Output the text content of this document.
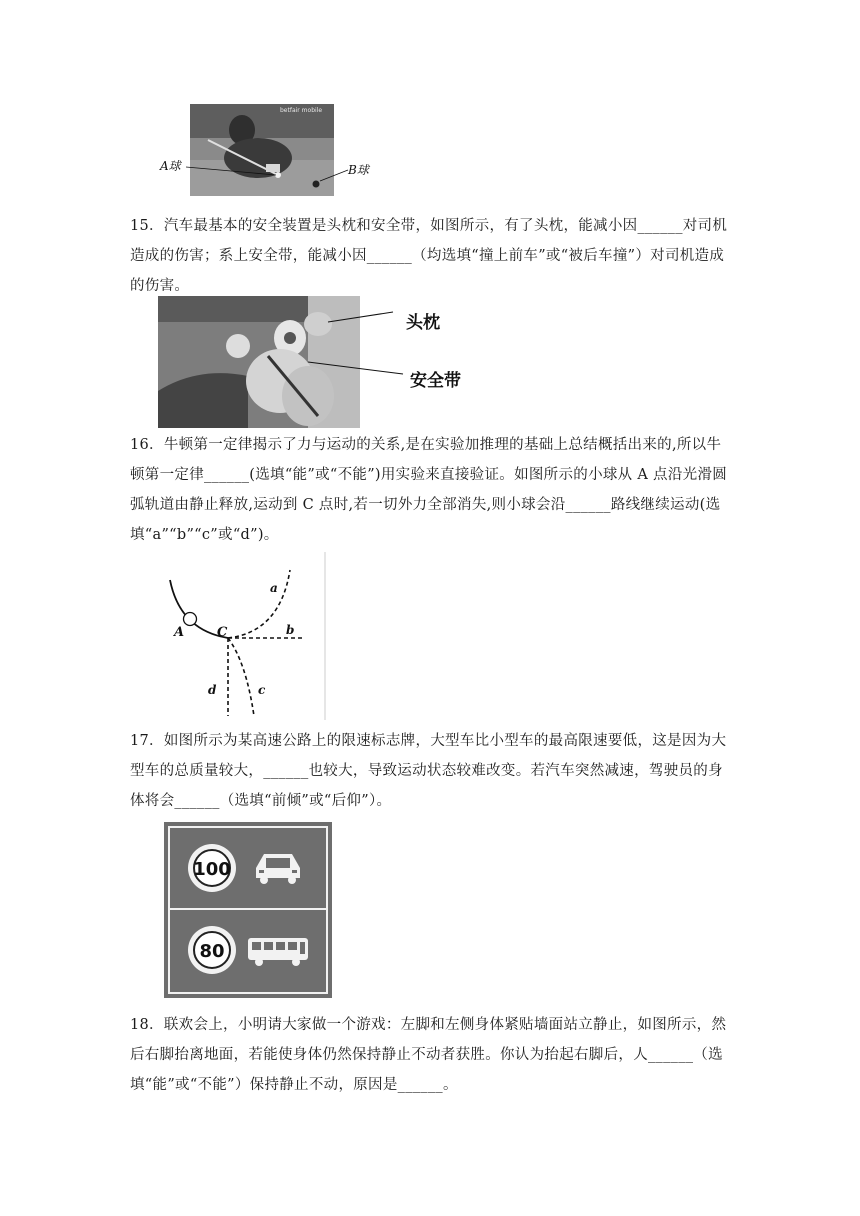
betfair mobile
A球	B球

15．汽车最基本的安全装置是头枕和安全带，如图所示，有了头枕，能减小因______对司机造成的伤害；系上安全带，能减小因______（均选填“撞上前车”或“被后车撞”）对司机造成的伤害。

头枕
安全带

16．牛顿第一定律揭示了力与运动的关系,是在实验加推理的基础上总结概括出来的,所以牛顿第一定律______(选填“能”或“不能”)用实验来直接验证。如图所示的小球从 A 点沿光滑圆弧轨道由静止释放,运动到 C 点时,若一切外力全部消失,则小球会沿______路线继续运动(选填“a”“b”“c”或“d”)。

A	C
a
b
c
d

17．如图所示为某高速公路上的限速标志牌，大型车比小型车的最高限速要低，这是因为大型车的总质量较大，______也较大，导致运动状态较难改变。若汽车突然减速，驾驶员的身体将会______（选填“前倾”或“后仰”）。

100
80

18．联欢会上，小明请大家做一个游戏：左脚和左侧身体紧贴墙面站立静止，如图所示，然后右脚抬离地面，若能使身体仍然保持静止不动者获胜。你认为抬起右脚后，人______（选填“能”或“不能”）保持静止不动，原因是______。
